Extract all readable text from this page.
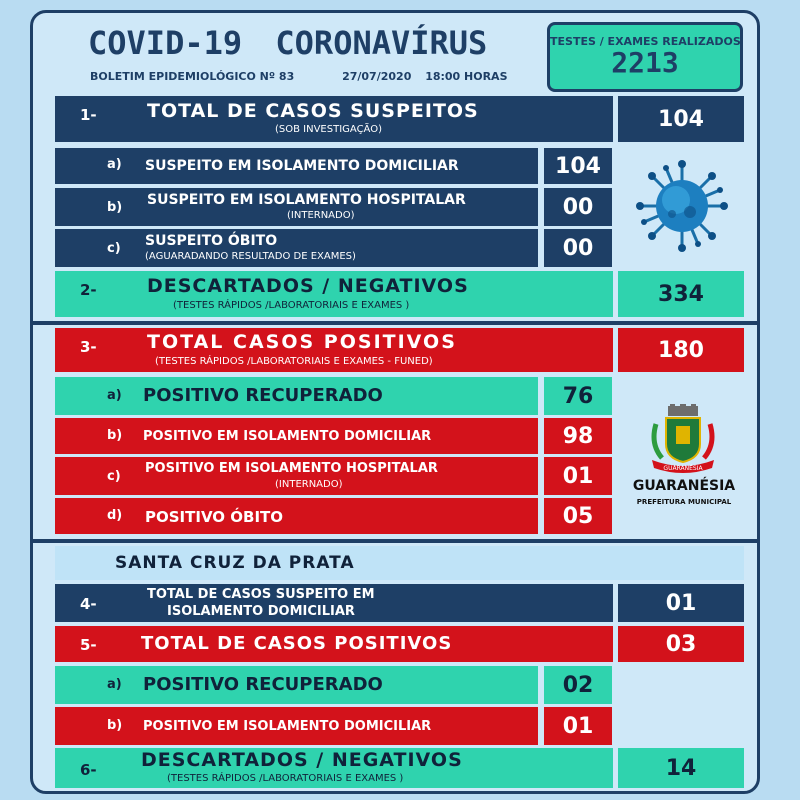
COVID-19 CORONAVÍRUS
BOLETIM EPIDEMIOLÓGICO Nº 83	27/07/2020 18:00 HORAS
TESTES / EXAMES REALIZADOS
2213
1-	TOTAL DE CASOS SUSPEITOS
(SOB INVESTIGAÇÃO)	104
a) SUSPEITO EM ISOLAMENTO DOMICILIAR	104
b) SUSPEITO EM ISOLAMENTO HOSPITALAR
(INTERNADO)	00
c) SUSPEITO ÓBITO
(AGUARADANDO RESULTADO DE EXAMES)	00
2-	DESCARTADOS / NEGATIVOS
(TESTES RÁPIDOS /LABORATORIAIS E EXAMES )	334
3-	TOTAL CASOS POSITIVOS
(TESTES RÁPIDOS /LABORATORIAIS E EXAMES - FUNED)	180
a) POSITIVO RECUPERADO	76
b) POSITIVO EM ISOLAMENTO DOMICILIAR	98
c)
POSITIVO EM ISOLAMENTO HOSPITALAR
(INTERNADO)	01
d) POSITIVO ÓBITO	05
GUARANÉSIA
GUARANÉSIA
PREFEITURA MUNICIPAL
SANTA CRUZ DA PRATA
4-
TOTAL DE CASOS SUSPEITO EM
ISOLAMENTO DOMICILIAR	01
5- TOTAL DE CASOS POSITIVOS	03
a) POSITIVO RECUPERADO	02
b) POSITIVO EM ISOLAMENTO DOMICILIAR	01
6- DESCARTADOS / NEGATIVOS
(TESTES RÁPIDOS /LABORATORIAIS E EXAMES )	14
